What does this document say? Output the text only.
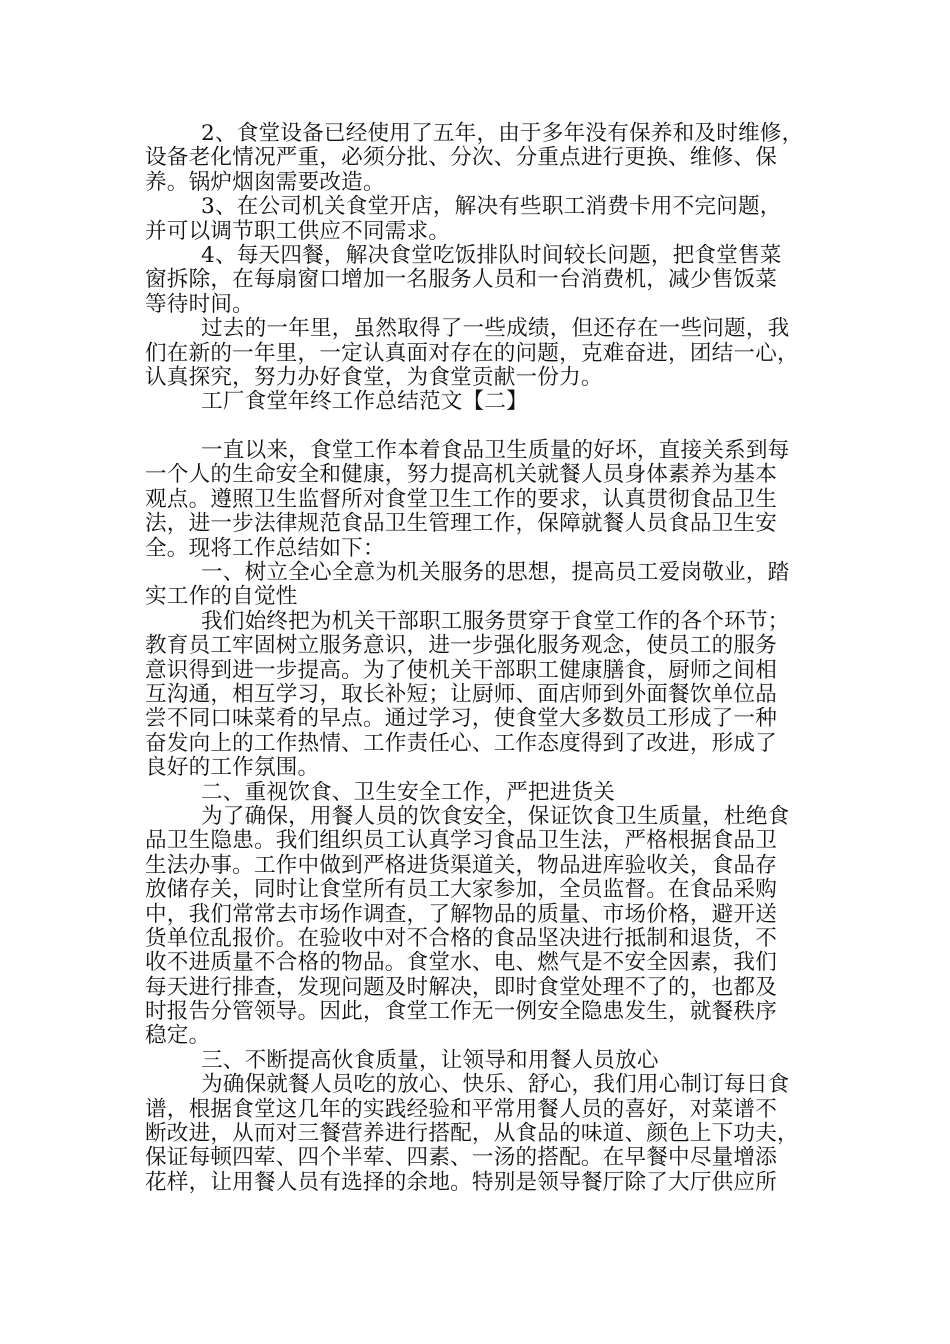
2、食堂设备已经使用了五年，由于多年没有保养和及时维修，
设备老化情况严重，必须分批、分次、分重点进行更换、维修、保
养。锅炉烟囱需要改造。
3、在公司机关食堂开店，解决有些职工消费卡用不完问题，
并可以调节职工供应不同需求。
4、每天四餐，解决食堂吃饭排队时间较长问题，把食堂售菜
窗拆除，在每扇窗口增加一名服务人员和一台消费机，减少售饭菜
等待时间。
过去的一年里，虽然取得了一些成绩，但还存在一些问题，我
们在新的一年里，一定认真面对存在的问题，克难奋进，团结一心，
认真探究，努力办好食堂，为食堂贡献一份力。
工厂食堂年终工作总结范文【二】
一直以来，食堂工作本着食品卫生质量的好坏，直接关系到每
一个人的生命安全和健康，努力提高机关就餐人员身体素养为基本
观点。遵照卫生监督所对食堂卫生工作的要求，认真贯彻食品卫生
法，进一步法律规范食品卫生管理工作，保障就餐人员食品卫生安
全。现将工作总结如下：
一、树立全心全意为机关服务的思想，提高员工爱岗敬业，踏
实工作的自觉性
我们始终把为机关干部职工服务贯穿于食堂工作的各个环节；
教育员工牢固树立服务意识，进一步强化服务观念，使员工的服务
意识得到进一步提高。为了使机关干部职工健康膳食，厨师之间相
互沟通，相互学习，取长补短；让厨师、面店师到外面餐饮单位品
尝不同口味菜肴的早点。通过学习，使食堂大多数员工形成了一种
奋发向上的工作热情、工作责任心、工作态度得到了改进，形成了
良好的工作氛围。
二、重视饮食、卫生安全工作，严把进货关
为了确保，用餐人员的饮食安全，保证饮食卫生质量，杜绝食
品卫生隐患。我们组织员工认真学习食品卫生法，严格根据食品卫
生法办事。工作中做到严格进货渠道关，物品进库验收关，食品存
放储存关，同时让食堂所有员工大家参加，全员监督。在食品采购
中，我们常常去市场作调查，了解物品的质量、市场价格，避开送
货单位乱报价。在验收中对不合格的食品坚决进行抵制和退货，不
收不进质量不合格的物品。食堂水、电、燃气是不安全因素，我们
每天进行排查，发现问题及时解决，即时食堂处理不了的，也都及
时报告分管领导。因此，食堂工作无一例安全隐患发生，就餐秩序
稳定。
三、不断提高伙食质量，让领导和用餐人员放心
为确保就餐人员吃的放心、快乐、舒心，我们用心制订每日食
谱，根据食堂这几年的实践经验和平常用餐人员的喜好，对菜谱不
断改进，从而对三餐营养进行搭配，从食品的味道、颜色上下功夫，
保证每顿四荤、四个半荤、四素、一汤的搭配。在早餐中尽量增添
花样，让用餐人员有选择的余地。特别是领导餐厅除了大厅供应所
